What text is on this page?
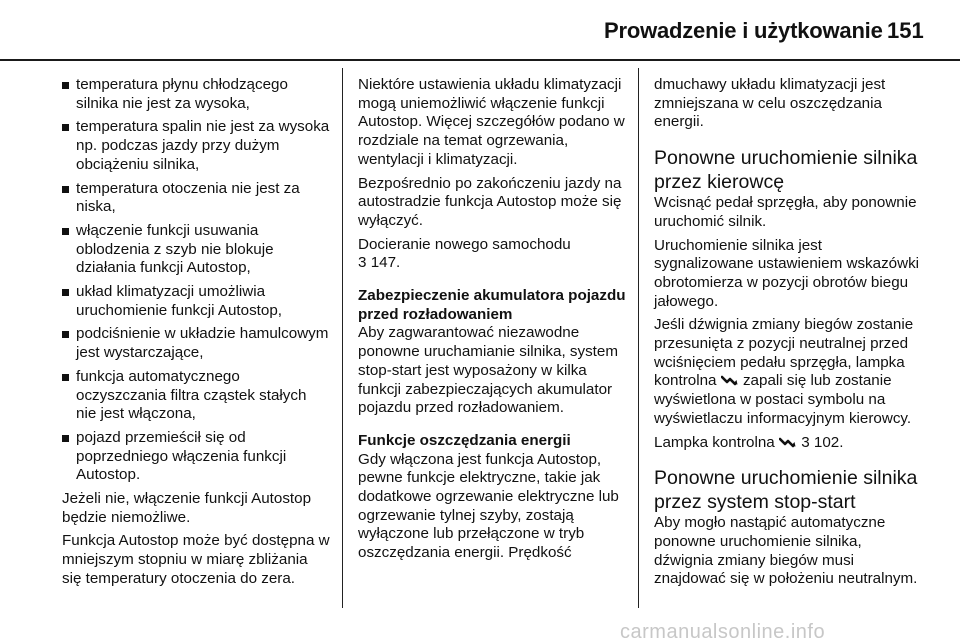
Prowadzenie i użytkowanie 151
temperatura płynu chłodzącego silnika nie jest za wysoka,
temperatura spalin nie jest za wysoka np. podczas jazdy przy dużym obciążeniu silnika,
temperatura otoczenia nie jest za niska,
włączenie funkcji usuwania oblodzenia z szyb nie blokuje działania funkcji Autostop,
układ klimatyzacji umożliwia uruchomienie funkcji Autostop,
podciśnienie w układzie hamulcowym jest wystarczające,
funkcja automatycznego oczyszczania filtra cząstek stałych nie jest włączona,
pojazd przemieścił się od poprzedniego włączenia funkcji Autostop.

Jeżeli nie, włączenie funkcji Autostop będzie niemożliwe.

Funkcja Autostop może być dostępna w mniejszym stopniu w miarę zbliżania się temperatury otoczenia do zera.

Niektóre ustawienia układu klimatyzacji mogą uniemożliwić włączenie funkcji Autostop. Więcej szczegółów podano w rozdziale na temat ogrzewania, wentylacji i klimatyzacji.

Bezpośrednio po zakończeniu jazdy na autostradzie funkcja Autostop może się wyłączyć.

Docieranie nowego samochodu
3 147.

Zabezpieczenie akumulatora pojazdu przed rozładowaniem

Aby zagwarantować niezawodne ponowne uruchamianie silnika, system stop-start jest wyposażony w kilka funkcji zabezpieczających akumulator pojazdu przed rozładowaniem.

Funkcje oszczędzania energii

Gdy włączona jest funkcja Autostop, pewne funkcje elektryczne, takie jak dodatkowe ogrzewanie elektryczne lub ogrzewanie tylnej szyby, zostają wyłączone lub przełączone w tryb oszczędzania energii. Prędkość

dmuchawy układu klimatyzacji jest zmniejszana w celu oszczędzania energii.

Ponowne uruchomienie silnika przez kierowcę

Wcisnąć pedał sprzęgła, aby ponownie uruchomić silnik.

Uruchomienie silnika jest sygnalizowane ustawieniem wskazówki obrotomierza w pozycji obrotów biegu jałowego.

Jeśli dźwignia zmiany biegów zostanie przesunięta z pozycji neutralnej przed wciśnięciem pedału sprzęgła, lampka kontrolna zapali się lub zostanie wyświetlona w postaci symbolu na wyświetlaczu informacyjnym kierowcy.

Lampka kontrolna 3 102.

Ponowne uruchomienie silnika przez system stop-start

Aby mogło nastąpić automatyczne ponowne uruchomienie silnika, dźwignia zmiany biegów musi znajdować się w położeniu neutralnym.

carmanualsonline.info
